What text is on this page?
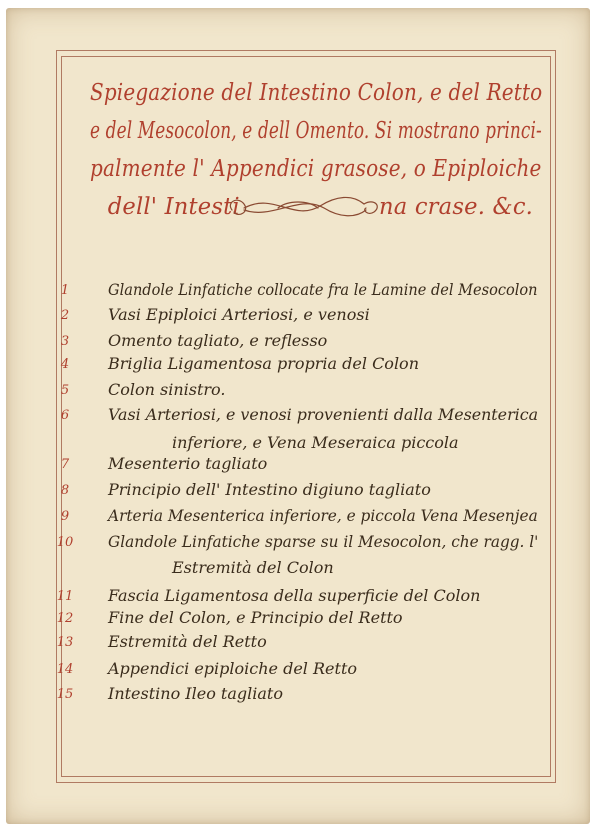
Spiegazione del Intestino Colon, e del Retto
e del Mesocolon, e dell Omento. Si mostrano princi-
palmente l' Appendici grasose, o Epiploiche
dell' Intesti	na crase. &c.
1	Glandole Linfatiche collocate fra le Lamine del Mesocolon
2	Vasi Epiploici Arteriosi, e venosi
3	Omento tagliato, e reflesso
4	Briglia Ligamentosa propria del Colon
5	Colon sinistro.
6	Vasi Arteriosi, e venosi provenienti dalla Mesenterica
inferiore, e Vena Meseraica piccola
7	Mesenterio tagliato
8	Principio dell' Intestino digiuno tagliato
9	Arteria Mesenterica inferiore, e piccola Vena Mesenjea
10	Glandole Linfatiche sparse su il Mesocolon, che ragg. l'
Estremità del Colon
11	Fascia Ligamentosa della superficie del Colon
12	Fine del Colon, e Principio del Retto
13	Estremità del Retto
14	Appendici epiploiche del Retto
15	Intestino Ileo tagliato
